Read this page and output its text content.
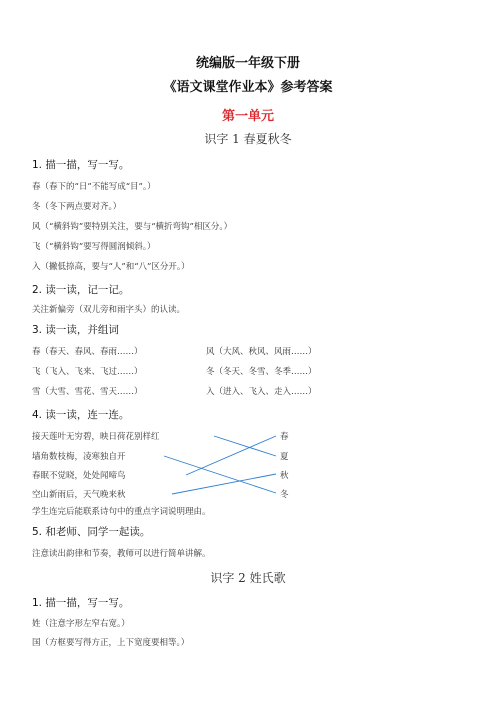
统编版一年级下册
《语文课堂作业本》参考答案
第一单元
识字 1 春夏秋冬
1. 描一描，写一写。
春（春下的“日”不能写成“目”。）
冬（冬下两点要对齐。）
风（“横斜钩”要特别关注，要与“横折弯钩”相区分。）
飞（“横斜钩”要写得圆润倾斜。）
入（撇低捺高，要与“人”和“八”区分开。）
2. 读一读，记一记。
关注新偏旁（双儿旁和雨字头）的认读。
3. 读一读，并组词
春（春天、春风、春雨……）	风（大风、秋风、风雨……）
飞（飞入、飞来、飞过……）	冬（冬天、冬雪、冬季……）
雪（大雪、雪花、雪天……）	入（进入、飞入、走入……）
4. 读一读，连一连。
接天莲叶无穷碧，映日荷花别样红
墙角数枝梅，凌寒独自开
春眠不觉晓，处处闻啼鸟
空山新雨后，天气晚来秋
春
夏
秋
冬
学生连完后能联系诗句中的重点字词说明理由。
5. 和老师、同学一起读。
注意读出韵律和节奏，教师可以进行简单讲解。
识字 2 姓氏歌
1. 描一描，写一写。
姓（注意字形左窄右宽。）
国（方框要写得方正，上下宽度要相等。）
